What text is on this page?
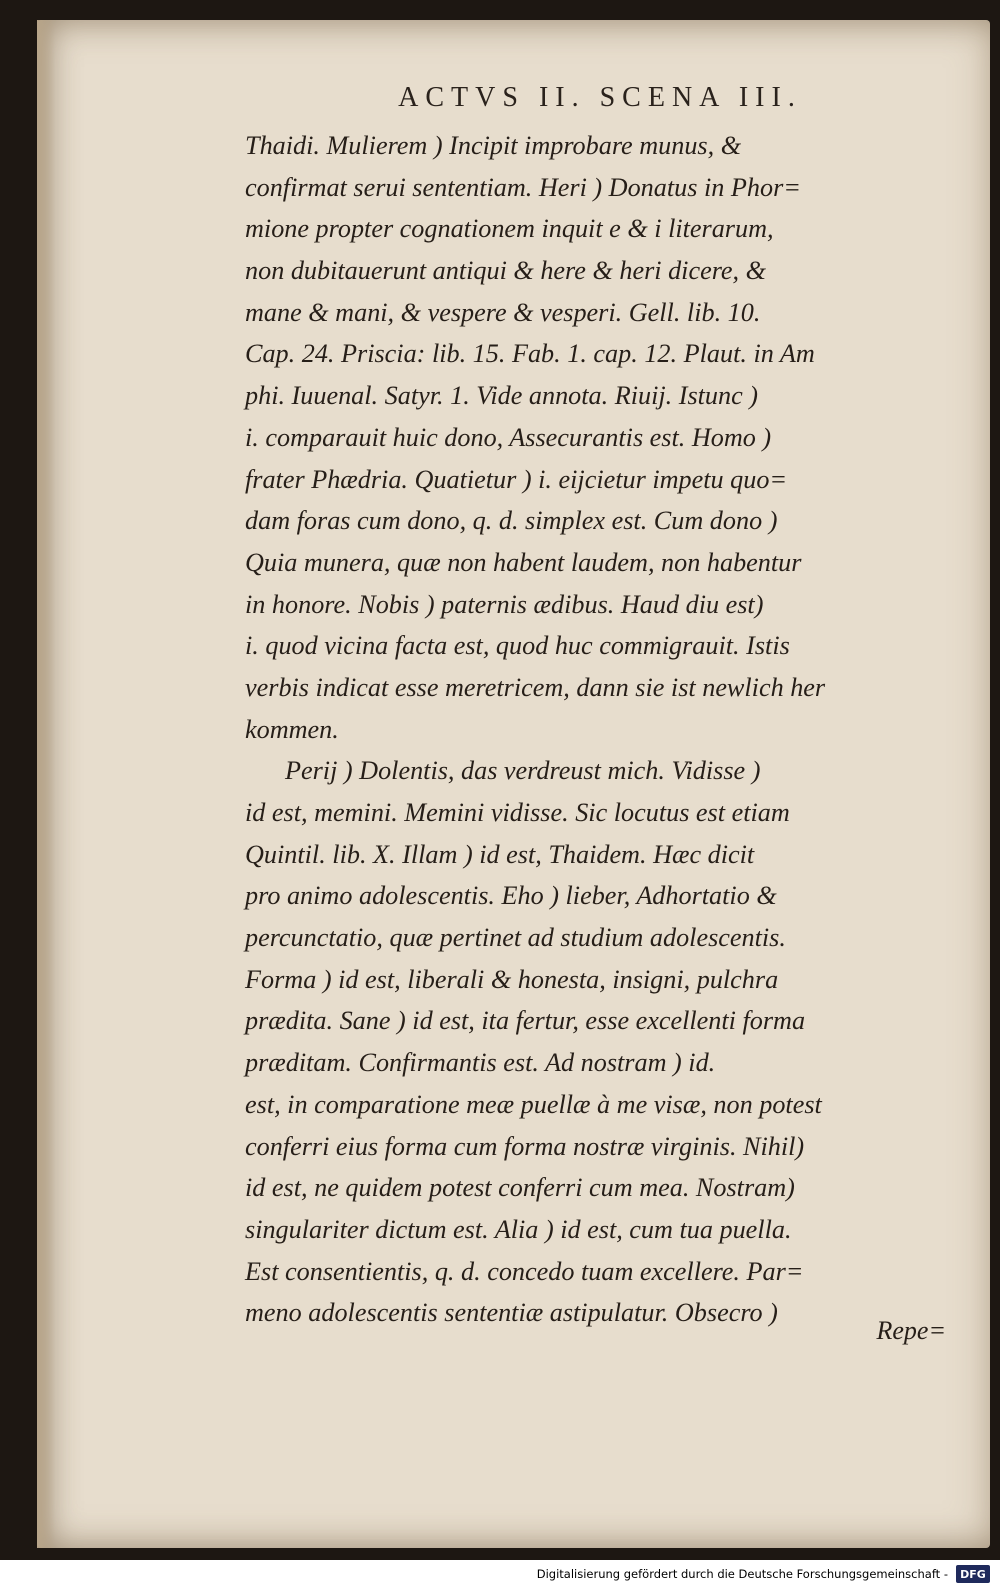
ACTVS II. SCENA III.
Thaidi. Mulierem ) Incipit improbare munus, &
confirmat serui sententiam. Heri ) Donatus in Phor=
mione propter cognationem inquit e & i literarum,
non dubitauerunt antiqui & here & heri dicere, &
mane & mani, & vespere & vesperi. Gell. lib. 10.
Cap. 24. Priscia: lib. 15. Fab. 1. cap. 12. Plaut. in Am
phi. Iuuenal. Satyr. 1. Vide annota. Riuij. Istunc )
i. comparauit huic dono, Assecurantis est. Homo )
frater Phædria. Quatietur ) i. eijcietur impetu quo=
dam foras cum dono, q. d. simplex est. Cum dono )
Quia munera, quæ non habent laudem, non habentur
in honore. Nobis ) paternis ædibus. Haud diu est)
i. quod vicina facta est, quod huc commigrauit. Istis
verbis indicat esse meretricem, dann sie ist newlich her
kommen.
Perij ) Dolentis, das verdreust mich. Vidisse )
id est, memini. Memini vidisse. Sic locutus est etiam
Quintil. lib. X. Illam ) id est, Thaidem. Hæc dicit
pro animo adolescentis. Eho ) lieber, Adhortatio &
percunctatio, quæ pertinet ad studium adolescentis.
Forma ) id est, liberali & honesta, insigni, pulchra
prædita. Sane ) id est, ita fertur, esse excellenti forma
præditam. Confirmantis est. Ad nostram ) id.
est, in comparatione meæ puellæ à me visæ, non potest
conferri eius forma cum forma nostræ virginis. Nihil)
id est, ne quidem potest conferri cum mea. Nostram)
singulariter dictum est. Alia ) id est, cum tua puella.
Est consentientis, q. d. concedo tuam excellere. Par=
meno adolescentis sententiæ astipulatur. Obsecro )
Repe=
Digitalisierung gefördert durch die Deutsche Forschungsgemeinschaft -	DFG
